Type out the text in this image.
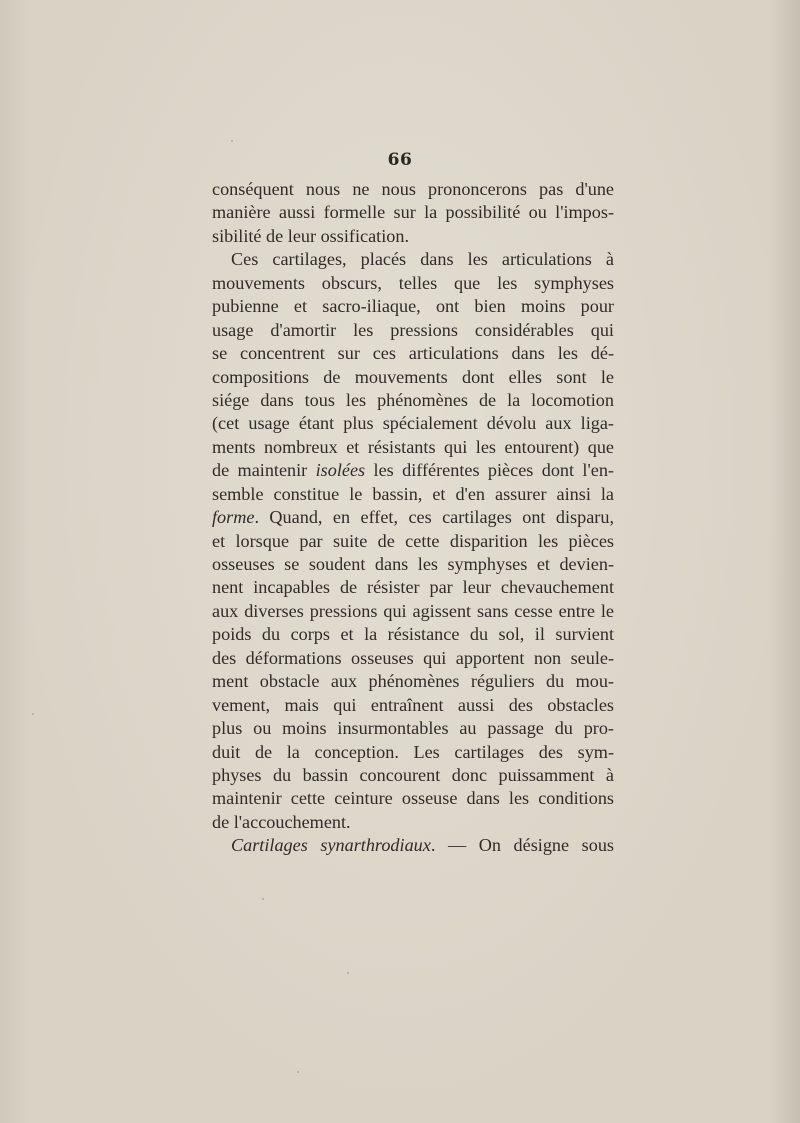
66
conséquent nous ne nous prononcerons pas d'une
manière aussi formelle sur la possibilité ou l'impos-
sibilité de leur ossification.
Ces cartilages, placés dans les articulations à
mouvements obscurs, telles que les symphyses
pubienne et sacro-iliaque, ont bien moins pour
usage d'amortir les pressions considérables qui
se concentrent sur ces articulations dans les dé-
compositions de mouvements dont elles sont le
siége dans tous les phénomènes de la locomotion
(cet usage étant plus spécialement dévolu aux liga-
ments nombreux et résistants qui les entourent) que
de maintenir isolées les différentes pièces dont l'en-
semble constitue le bassin, et d'en assurer ainsi la
forme. Quand, en effet, ces cartilages ont disparu,
et lorsque par suite de cette disparition les pièces
osseuses se soudent dans les symphyses et devien-
nent incapables de résister par leur chevauchement
aux diverses pressions qui agissent sans cesse entre le
poids du corps et la résistance du sol, il survient
des déformations osseuses qui apportent non seule-
ment obstacle aux phénomènes réguliers du mou-
vement, mais qui entraînent aussi des obstacles
plus ou moins insurmontables au passage du pro-
duit de la conception. Les cartilages des sym-
physes du bassin concourent donc puissamment à
maintenir cette ceinture osseuse dans les conditions
de l'accouchement.
Cartilages synarthrodiaux. — On désigne sous
